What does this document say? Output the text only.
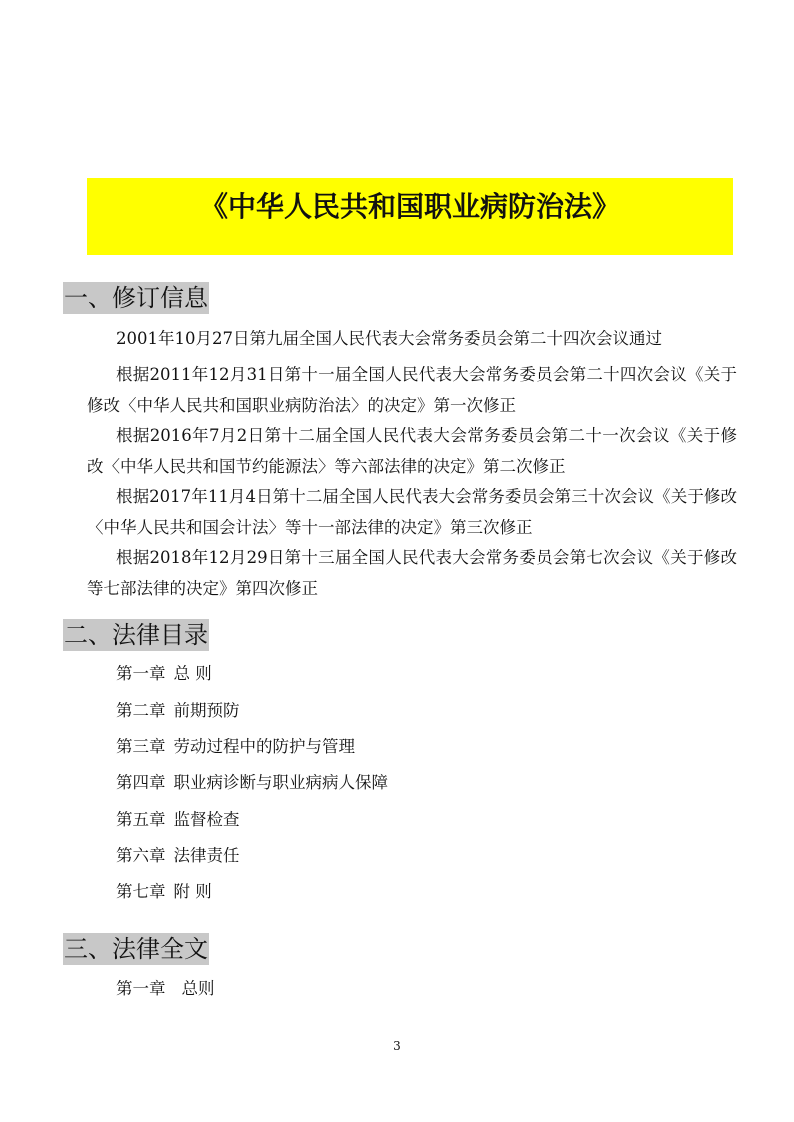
《中华人民共和国职业病防治法》
一、修订信息
2001年10月27日第九届全国人民代表大会常务委员会第二十四次会议通过
根据2011年12月31日第十一届全国人民代表大会常务委员会第二十四次会议《关于修改〈中华人民共和国职业病防治法〉的决定》第一次修正
根据2016年7月2日第十二届全国人民代表大会常务委员会第二十一次会议《关于修改〈中华人民共和国节约能源法〉等六部法律的决定》第二次修正
根据2017年11月4日第十二届全国人民代表大会常务委员会第三十次会议《关于修改〈中华人民共和国会计法〉等十一部法律的决定》第三次修正
根据2018年12月29日第十三届全国人民代表大会常务委员会第七次会议《关于修改等七部法律的决定》第四次修正
二、法律目录
第一章 总 则
第二章 前期预防
第三章 劳动过程中的防护与管理
第四章 职业病诊断与职业病病人保障
第五章 监督检查
第六章 法律责任
第七章 附 则
三、法律全文
第一章 总则
3
